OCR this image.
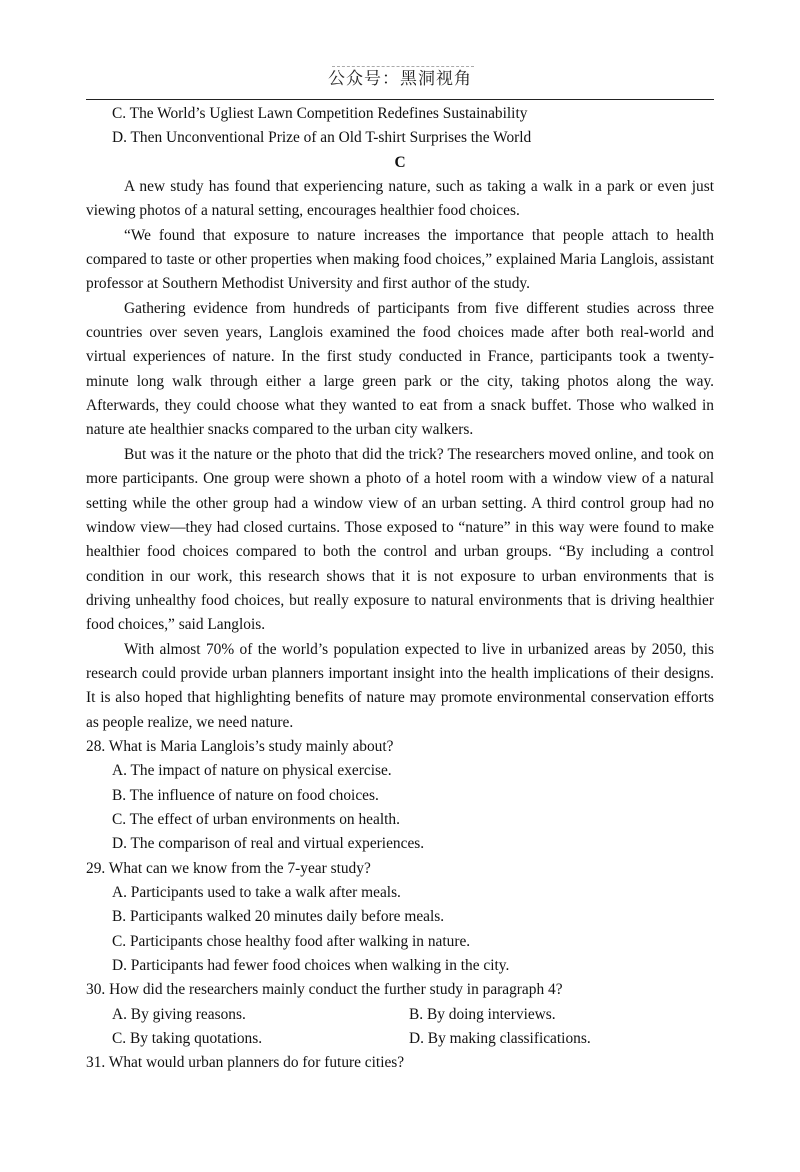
公众号：黑洞视角
C. The World’s Ugliest Lawn Competition Redefines Sustainability
D. Then Unconventional Prize of an Old T-shirt Surprises the World
C

A new study has found that experiencing nature, such as taking a walk in a park or even just viewing photos of a natural setting, encourages healthier food choices.

“We found that exposure to nature increases the importance that people attach to health compared to taste or other properties when making food choices,” explained Maria Langlois, assistant professor at Southern Methodist University and first author of the study.

Gathering evidence from hundreds of participants from five different studies across three countries over seven years, Langlois examined the food choices made after both real-world and virtual experiences of nature. In the first study conducted in France, participants took a twenty-minute long walk through either a large green park or the city, taking photos along the way. Afterwards, they could choose what they wanted to eat from a snack buffet. Those who walked in nature ate healthier snacks compared to the urban city walkers.

But was it the nature or the photo that did the trick? The researchers moved online, and took on more participants. One group were shown a photo of a hotel room with a window view of a natural setting while the other group had a window view of an urban setting. A third control group had no window view—they had closed curtains. Those exposed to “nature” in this way were found to make healthier food choices compared to both the control and urban groups. “By including a control condition in our work, this research shows that it is not exposure to urban environments that is driving unhealthy food choices, but really exposure to natural environments that is driving healthier food choices,” said Langlois.

With almost 70% of the world’s population expected to live in urbanized areas by 2050, this research could provide urban planners important insight into the health implications of their designs. It is also hoped that highlighting benefits of nature may promote environmental conservation efforts as people realize, we need nature.

28. What is Maria Langlois’s study mainly about?
A. The impact of nature on physical exercise.
B. The influence of nature on food choices.
C. The effect of urban environments on health.
D. The comparison of real and virtual experiences.
29. What can we know from the 7-year study?
A. Participants used to take a walk after meals.
B. Participants walked 20 minutes daily before meals.
C. Participants chose healthy food after walking in nature.
D. Participants had fewer food choices when walking in the city.
30. How did the researchers mainly conduct the further study in paragraph 4?
A. By giving reasons.	B. By doing interviews.
C. By taking quotations.	D. By making classifications.
31. What would urban planners do for future cities?
